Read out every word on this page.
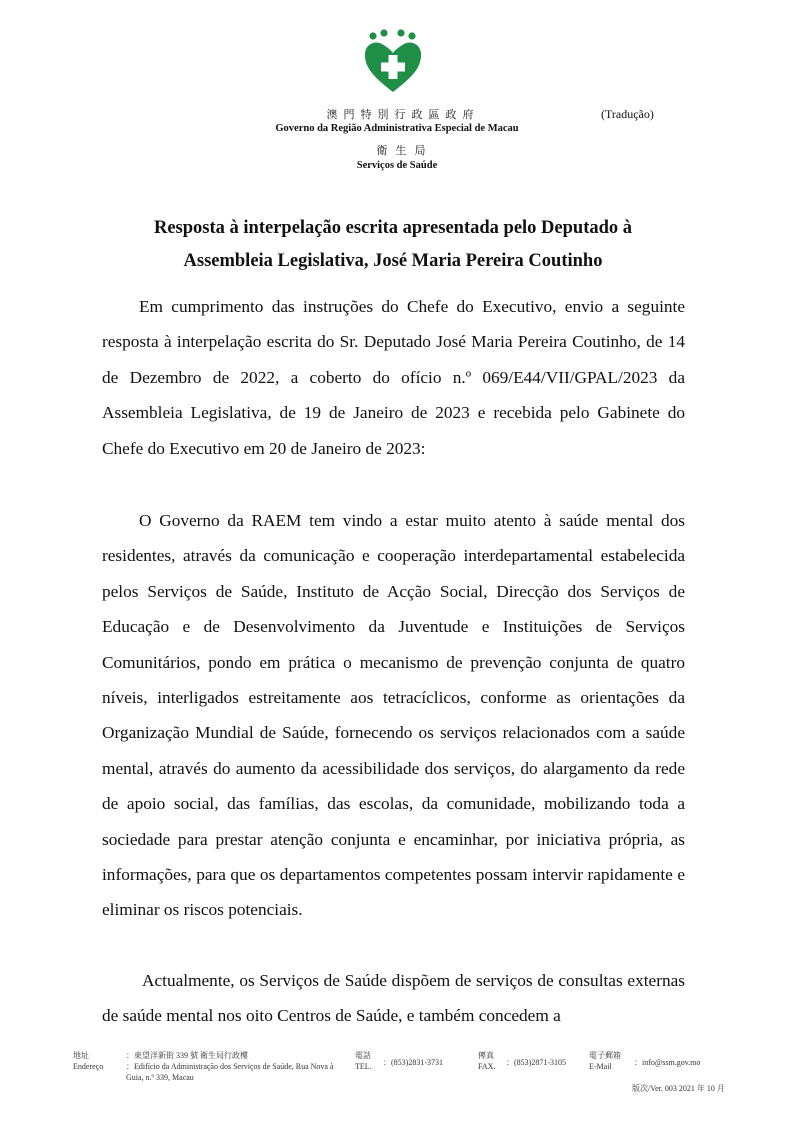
澳門特別行政區政府
Governo da Região Administrativa Especial de Macau
衛生局
Serviços de Saúde
(Tradução)
Resposta à interpelação escrita apresentada pelo Deputado à
Assembleia Legislativa, José Maria Pereira Coutinho

Em cumprimento das instruções do Chefe do Executivo, envio a seguinte resposta à interpelação escrita do Sr. Deputado José Maria Pereira Coutinho, de 14 de Dezembro de 2022, a coberto do ofício n.º 069/E44/VII/GPAL/2023 da Assembleia Legislativa, de 19 de Janeiro de 2023 e recebida pelo Gabinete do Chefe do Executivo em 20 de Janeiro de 2023:

O Governo da RAEM tem vindo a estar muito atento à saúde mental dos residentes, através da comunicação e cooperação interdepartamental estabelecida pelos Serviços de Saúde, Instituto de Acção Social, Direcção dos Serviços de Educação e de Desenvolvimento da Juventude e Instituições de Serviços Comunitários, pondo em prática o mecanismo de prevenção conjunta de quatro níveis, interligados estreitamente aos tetracíclicos, conforme as orientações da Organização Mundial de Saúde, fornecendo os serviços relacionados com a saúde mental, através do aumento da acessibilidade dos serviços, do alargamento da rede de apoio social, das famílias, das escolas, da comunidade, mobilizando toda a sociedade para prestar atenção conjunta e encaminhar, por iniciativa própria, as informações, para que os departamentos competentes possam intervir rapidamente e eliminar os riscos potenciais.

Actualmente, os Serviços de Saúde dispõem de serviços de consultas externas de saúde mental nos oito Centros de Saúde, e também concedem a

地址
Endereço
：東望洋新街 339 號 衛生局行政樓
：Edifício da Administração dos Serviços de Saúde, Rua Nova à Guia, n.º 339, Macau
電話
TEL. ：(853)2831-3731
傳真
FAX. ：(853)2871-3105
電子郵箱
E-Mail	：info@ssm.gov.mo
版次/Ver. 003 2021 年 10 月
